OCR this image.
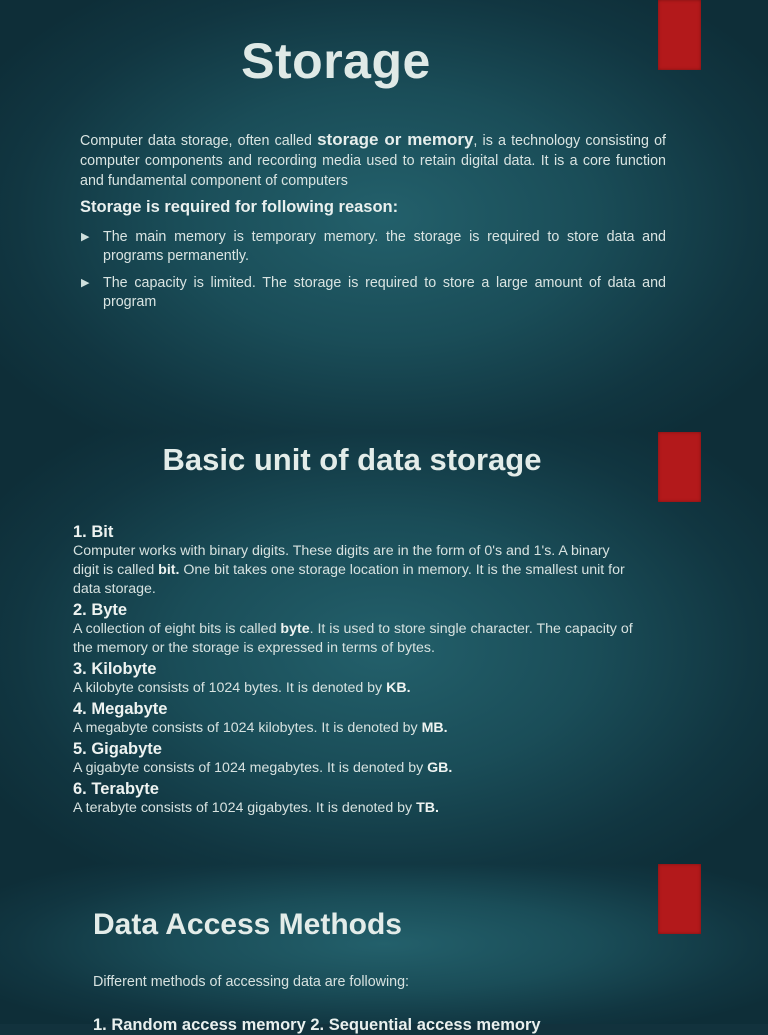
Storage
Computer data storage, often called storage or memory, is a technology consisting of computer components and recording media used to retain digital data. It is a core function and fundamental component of computers
Storage is required for following reason:
▶ The main memory is temporary memory. the storage is required to store data and programs permanently.
▶ The capacity is limited. The storage is required to store a large amount of data and program
Basic unit of data storage
1. Bit
Computer works with binary digits. These digits are in the form of 0's and 1's. A binary digit is called bit. One bit takes one storage location in memory. It is the smallest unit for data storage.
2. Byte
A collection of eight bits is called byte. It is used to store single character. The capacity of the memory or the storage is expressed in terms of bytes.
3. Kilobyte
A kilobyte consists of 1024 bytes. It is denoted by KB.
4. Megabyte
A megabyte consists of 1024 kilobytes. It is denoted by MB.
5. Gigabyte
A gigabyte consists of 1024 megabytes. It is denoted by GB.
6. Terabyte
A terabyte consists of 1024 gigabytes. It is denoted by TB.
Data Access Methods
Different methods of accessing data are following:
1. Random access memory 2. Sequential access memory
